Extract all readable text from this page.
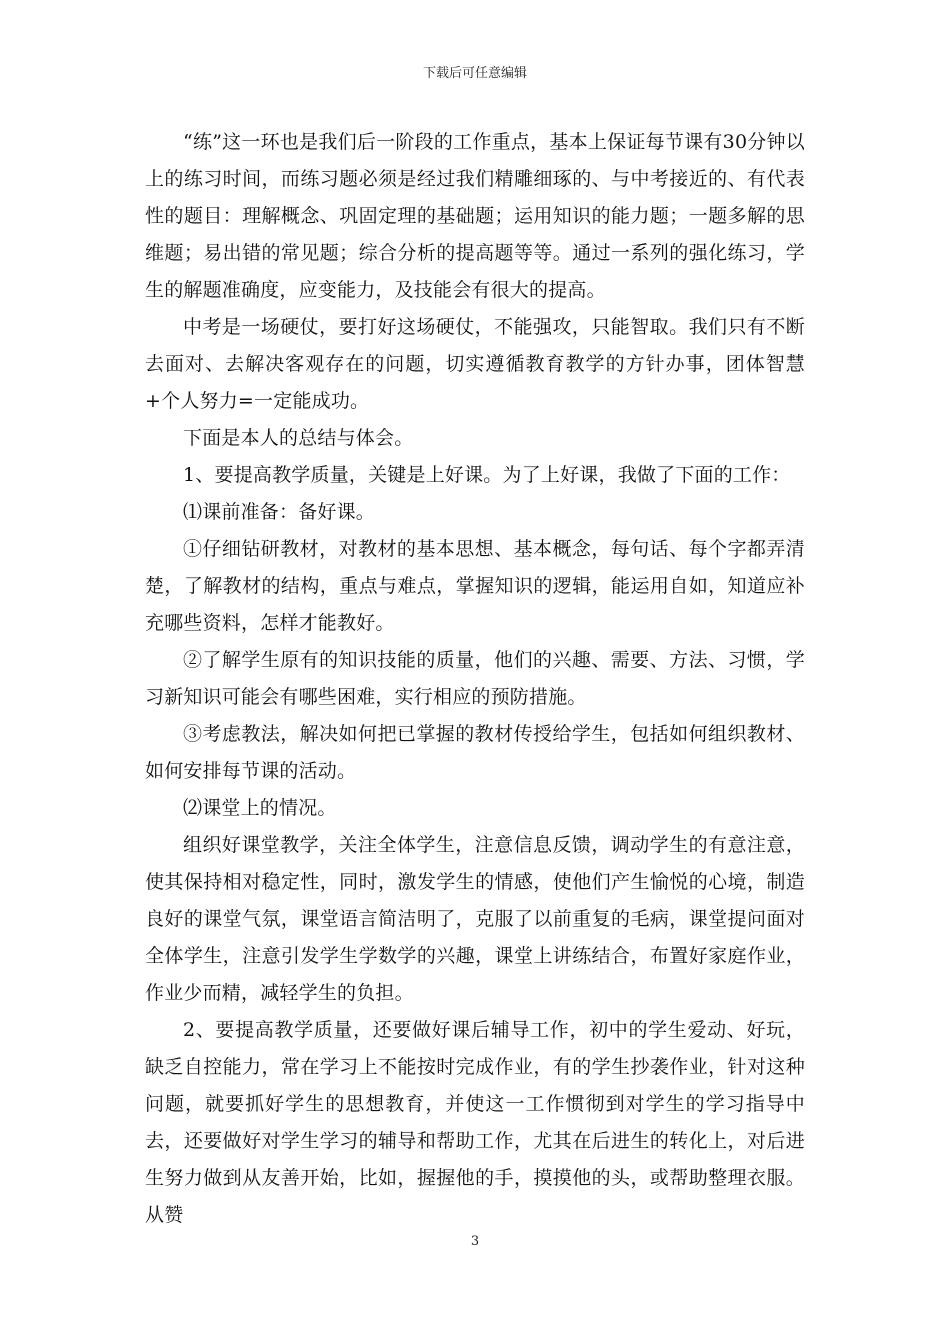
下载后可任意编辑

“练”这一环也是我们后一阶段的工作重点，基本上保证每节课有30分钟以上的练习时间，而练习题必须是经过我们精雕细琢的、与中考接近的、有代表性的题目：理解概念、巩固定理的基础题；运用知识的能力题；一题多解的思维题；易出错的常见题；综合分析的提高题等等。通过一系列的强化练习，学生的解题准确度，应变能力，及技能会有很大的提高。

中考是一场硬仗，要打好这场硬仗，不能强攻，只能智取。我们只有不断去面对、去解决客观存在的问题，切实遵循教育教学的方针办事，团体智慧+个人努力=一定能成功。

下面是本人的总结与体会。

1、要提高教学质量，关键是上好课。为了上好课，我做了下面的工作：

⑴课前准备：备好课。

①仔细钻研教材，对教材的基本思想、基本概念，每句话、每个字都弄清楚，了解教材的结构，重点与难点，掌握知识的逻辑，能运用自如，知道应补充哪些资料，怎样才能教好。

②了解学生原有的知识技能的质量，他们的兴趣、需要、方法、习惯，学习新知识可能会有哪些困难，实行相应的预防措施。

③考虑教法，解决如何把已掌握的教材传授给学生，包括如何组织教材、如何安排每节课的活动。

⑵课堂上的情况。

组织好课堂教学，关注全体学生，注意信息反馈，调动学生的有意注意，使其保持相对稳定性，同时，激发学生的情感，使他们产生愉悦的心境，制造良好的课堂气氛，课堂语言简洁明了，克服了以前重复的毛病，课堂提问面对全体学生，注意引发学生学数学的兴趣，课堂上讲练结合，布置好家庭作业，作业少而精，减轻学生的负担。

2、要提高教学质量，还要做好课后辅导工作，初中的学生爱动、好玩，缺乏自控能力，常在学习上不能按时完成作业，有的学生抄袭作业，针对这种问题，就要抓好学生的思想教育，并使这一工作惯彻到对学生的学习指导中去，还要做好对学生学习的辅导和帮助工作，尤其在后进生的转化上，对后进生努力做到从友善开始，比如，握握他的手，摸摸他的头，或帮助整理衣服。从赞

3
